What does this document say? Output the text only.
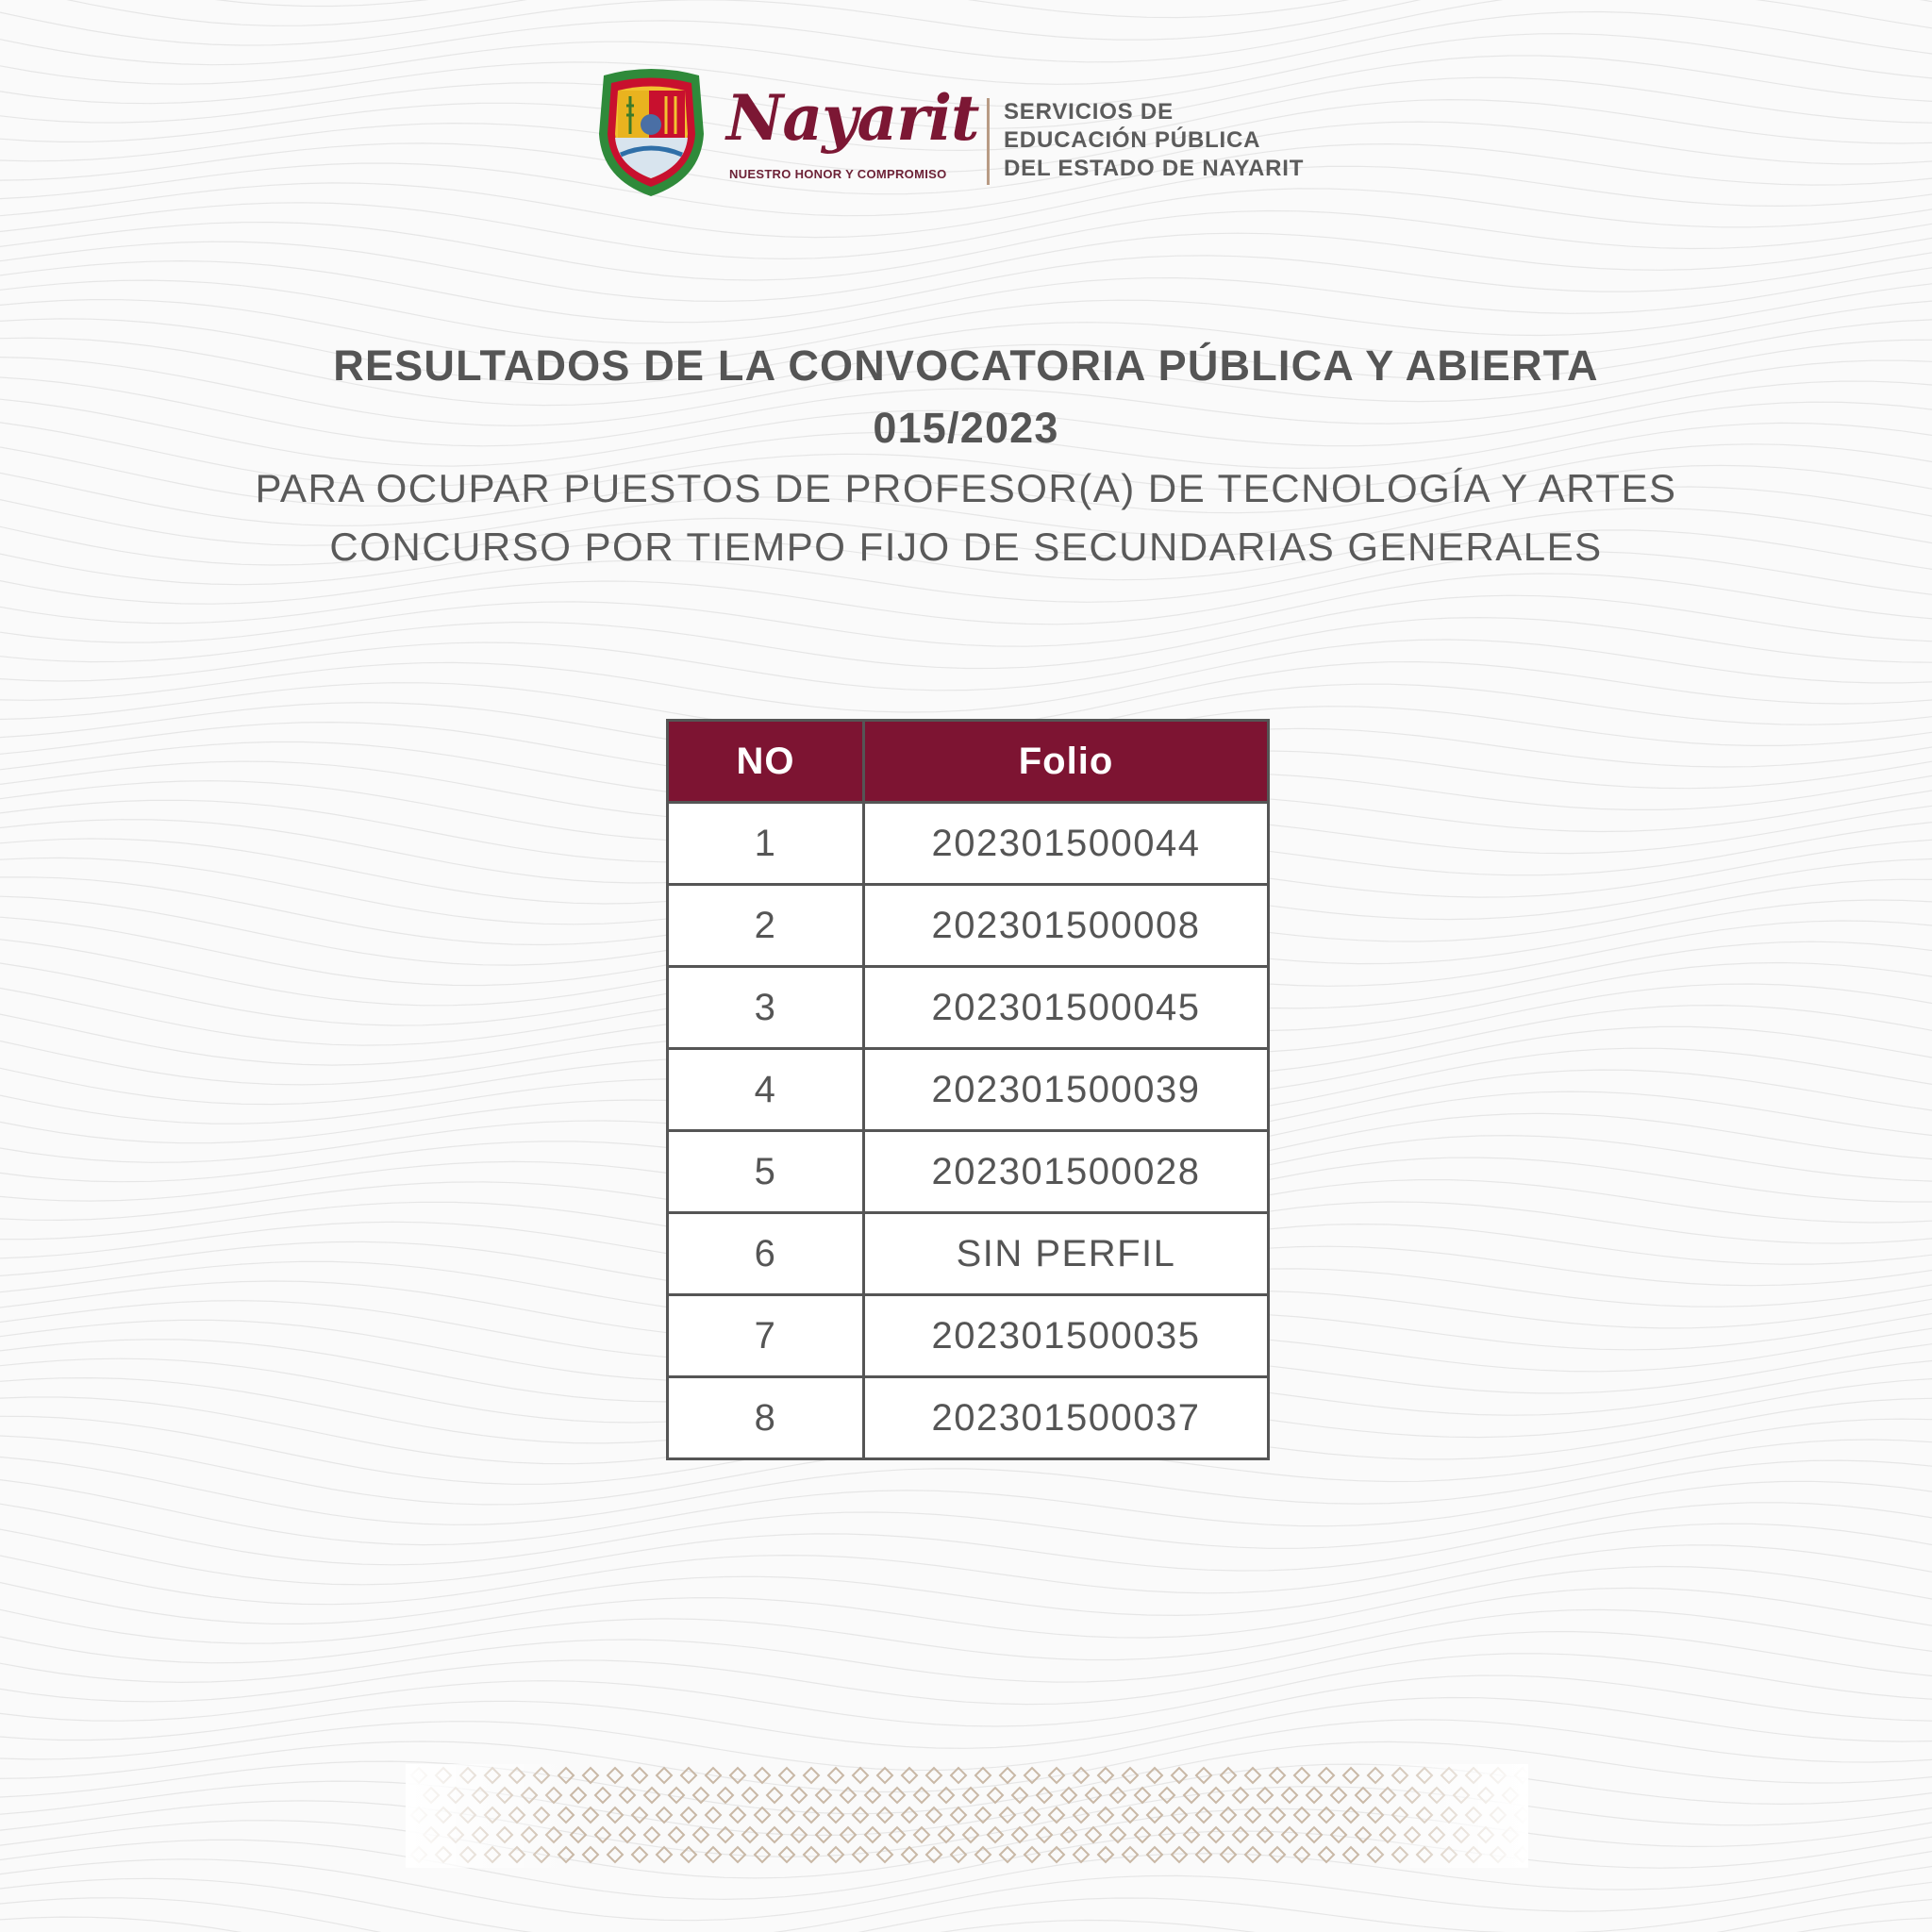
Nayarit
NUESTRO HONOR Y COMPROMISO
SERVICIOS DE
EDUCACIÓN PÚBLICA
DEL ESTADO DE NAYARIT
RESULTADOS DE LA CONVOCATORIA PÚBLICA Y ABIERTA
015/2023
PARA OCUPAR PUESTOS DE PROFESOR(A) DE TECNOLOGÍA Y ARTES
CONCURSO POR TIEMPO FIJO DE SECUNDARIAS GENERALES
NO	Folio
1	202301500044
2	202301500008
3	202301500045
4	202301500039
5	202301500028
6	SIN PERFIL
7	202301500035
8	202301500037
